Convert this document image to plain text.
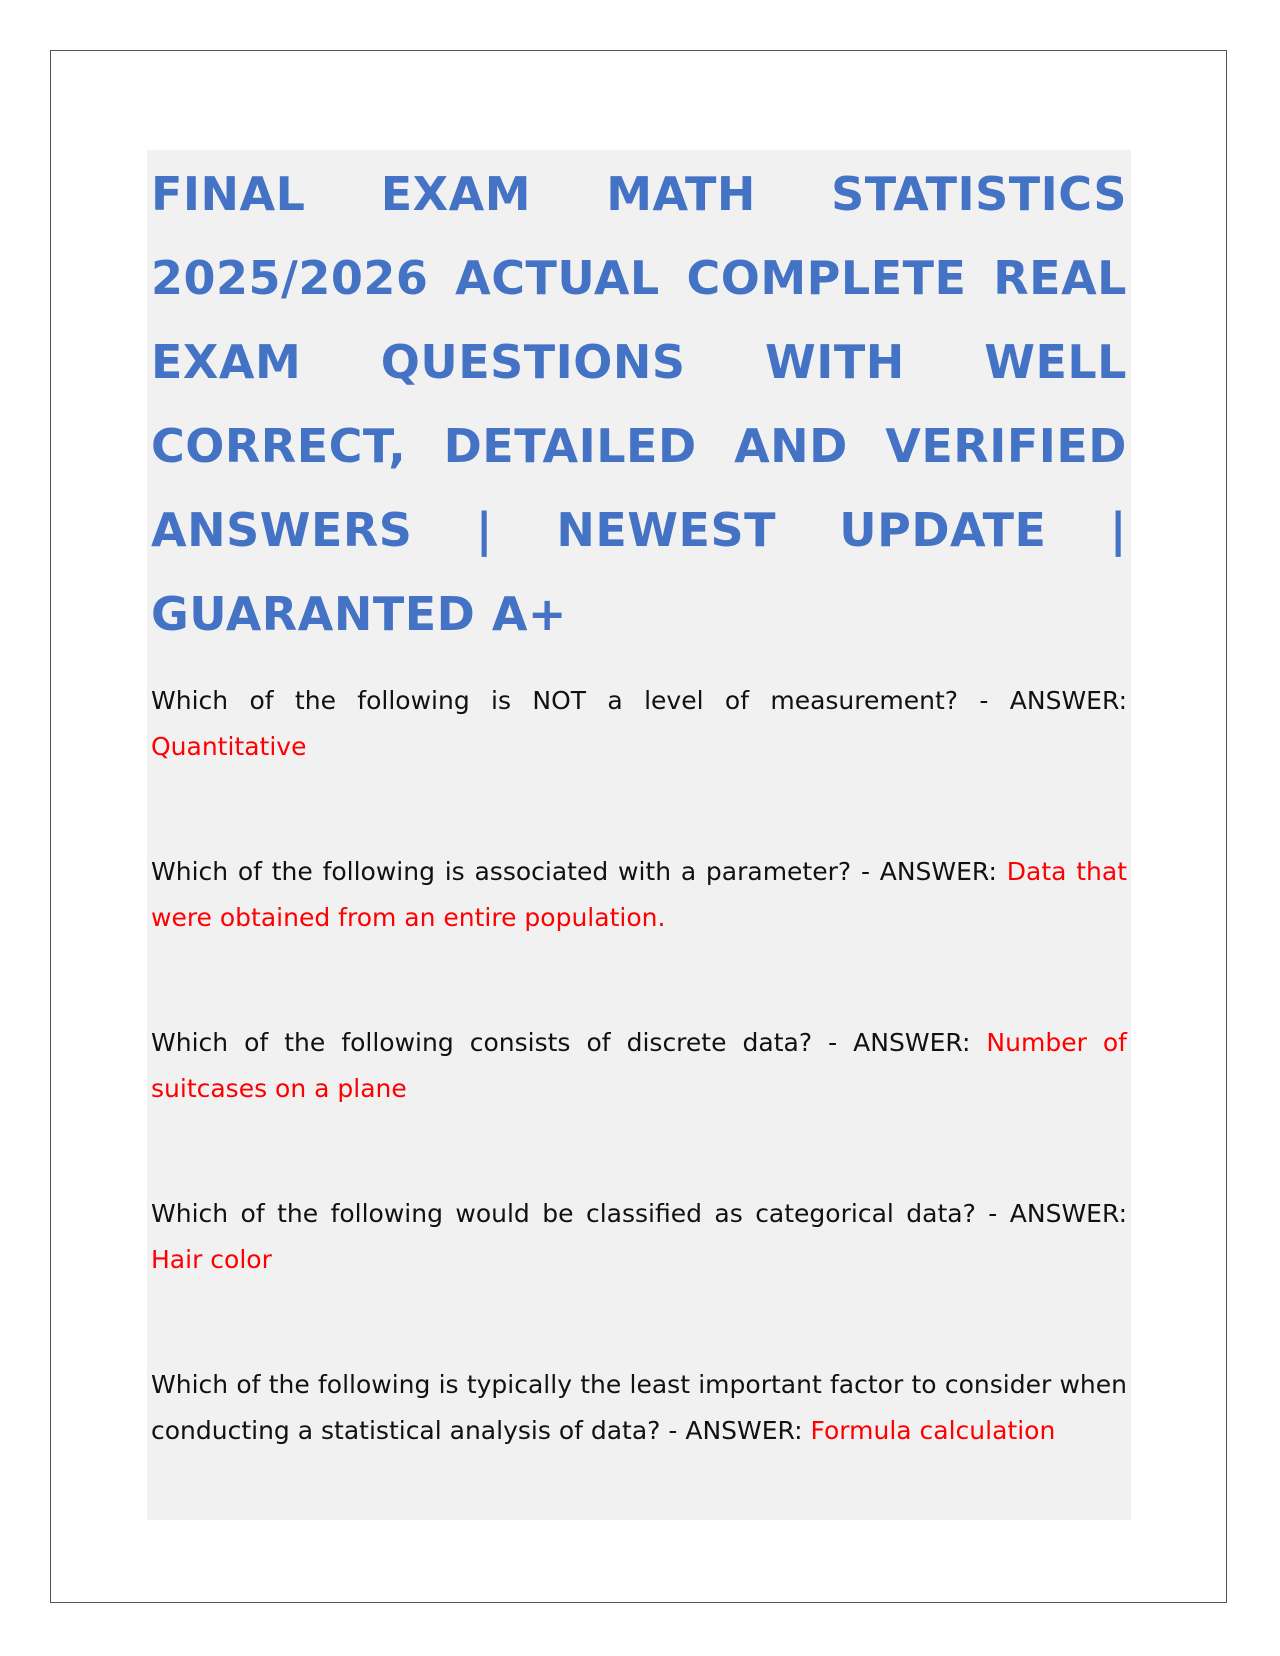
FINAL EXAM MATH STATISTICS 2025/2026 ACTUAL COMPLETE REAL EXAM QUESTIONS WITH WELL CORRECT, DETAILED AND VERIFIED ANSWERS | NEWEST UPDATE | GUARANTED A+

Which of the following is NOT a level of measurement? - ANSWER: Quantitative

Which of the following is associated with a parameter? - ANSWER: Data that were obtained from an entire population.

Which of the following consists of discrete data? - ANSWER: Number of suitcases on a plane

Which of the following would be classified as categorical data? - ANSWER: Hair color

Which of the following is typically the least important factor to consider when conducting a statistical analysis of data? - ANSWER: Formula calculation
